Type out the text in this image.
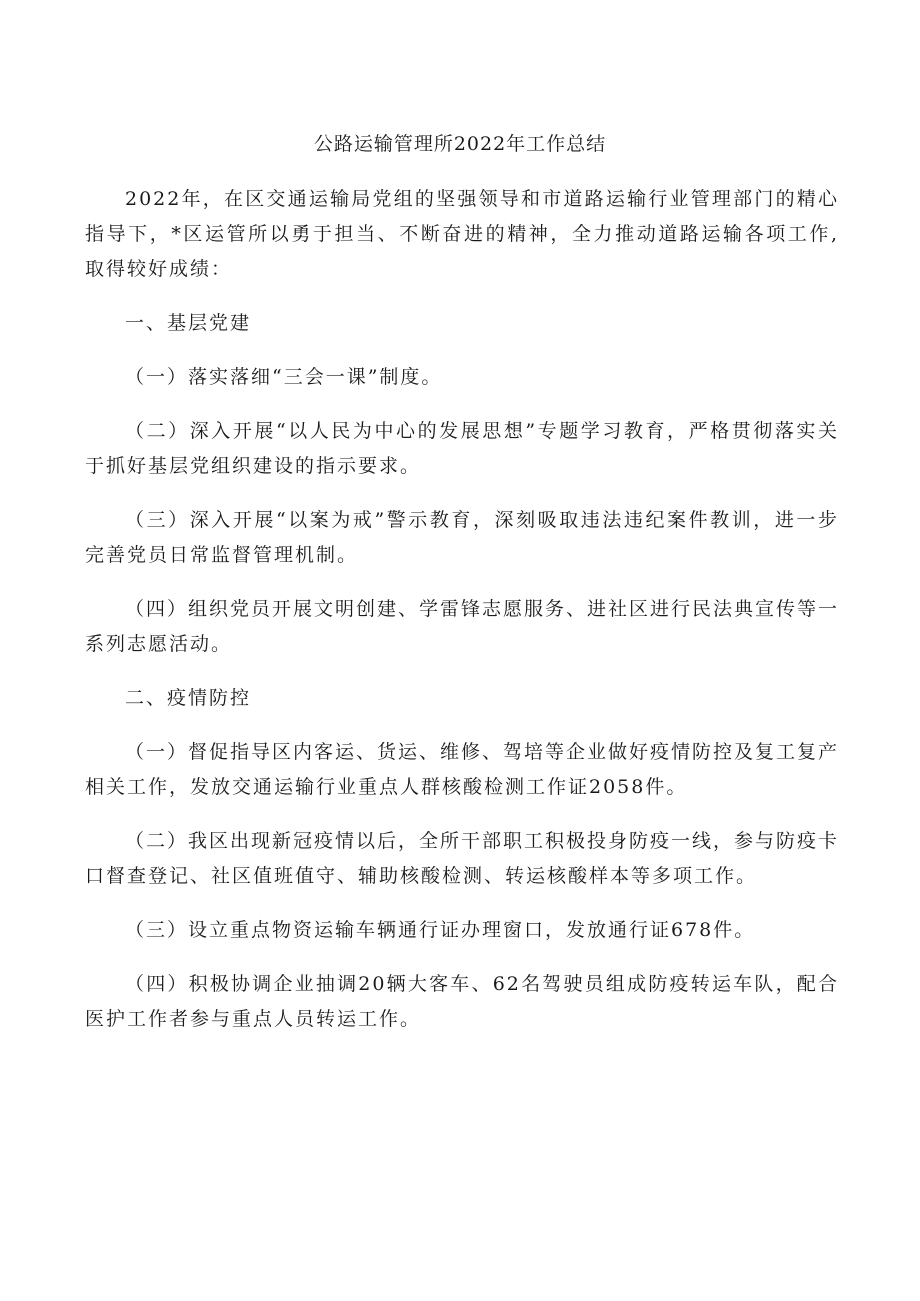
公路运输管理所2022年工作总结

2022年，在区交通运输局党组的坚强领导和市道路运输行业管理部门的精心指导下，*区运管所以勇于担当、不断奋进的精神，全力推动道路运输各项工作,取得较好成绩：

一、基层党建

（一）落实落细“三会一课”制度。

（二）深入开展“以人民为中心的发展思想”专题学习教育，严格贯彻落实关于抓好基层党组织建设的指示要求。

（三）深入开展“以案为戒”警示教育，深刻吸取违法违纪案件教训，进一步完善党员日常监督管理机制。

（四）组织党员开展文明创建、学雷锋志愿服务、进社区进行民法典宣传等一系列志愿活动。

二、疫情防控

（一）督促指导区内客运、货运、维修、驾培等企业做好疫情防控及复工复产相关工作，发放交通运输行业重点人群核酸检测工作证2058件。

（二）我区出现新冠疫情以后，全所干部职工积极投身防疫一线，参与防疫卡口督查登记、社区值班值守、辅助核酸检测、转运核酸样本等多项工作。

（三）设立重点物资运输车辆通行证办理窗口，发放通行证678件。

（四）积极协调企业抽调20辆大客车、62名驾驶员组成防疫转运车队，配合医护工作者参与重点人员转运工作。
